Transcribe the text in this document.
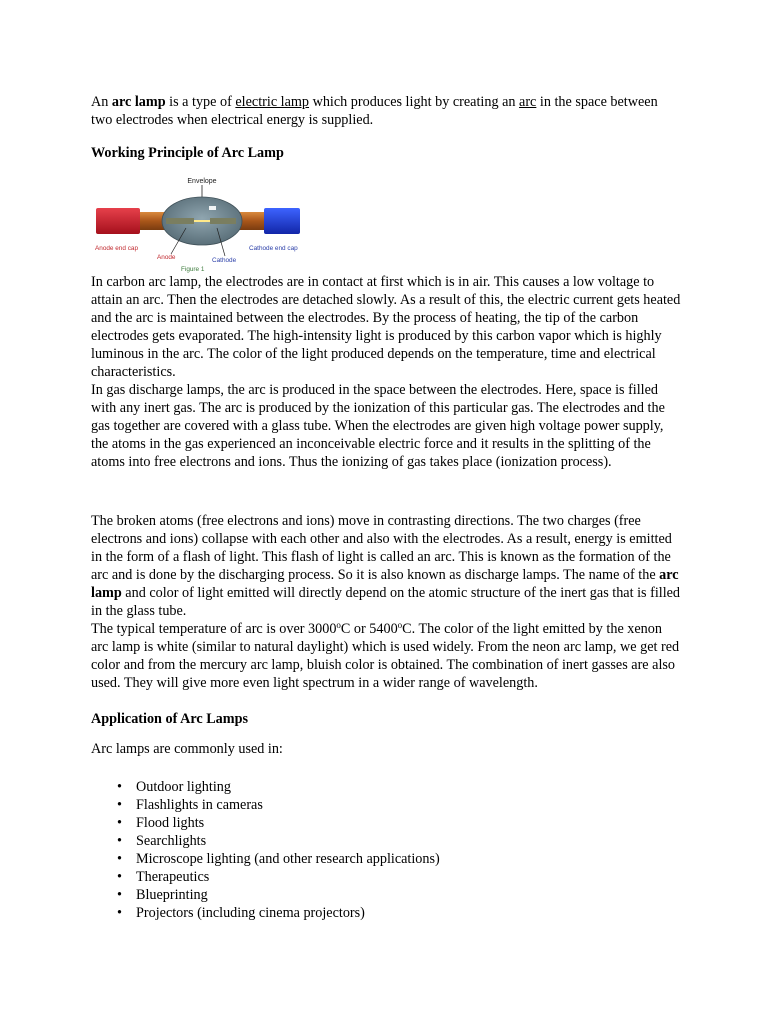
An arc lamp is a type of electric lamp which produces light by creating an arc in the space between two electrodes when electrical energy is supplied.

Working Principle of Arc Lamp

Envelope
Anode end cap	Cathode end cap
Anode	Cathode
Figure 1

In carbon arc lamp, the electrodes are in contact at first which is in air. This causes a low voltage to attain an arc. Then the electrodes are detached slowly. As a result of this, the electric current gets heated and the arc is maintained between the electrodes. By the process of heating, the tip of the carbon electrodes gets evaporated. The high-intensity light is produced by this carbon vapor which is highly luminous in the arc. The color of the light produced depends on the temperature, time and electrical characteristics.

In gas discharge lamps, the arc is produced in the space between the electrodes. Here, space is filled with any inert gas. The arc is produced by the ionization of this particular gas. The electrodes and the gas together are covered with a glass tube. When the electrodes are given high voltage power supply, the atoms in the gas experienced an inconceivable electric force and it results in the splitting of the atoms into free electrons and ions. Thus the ionizing of gas takes place (ionization process).

The broken atoms (free electrons and ions) move in contrasting directions. The two charges (free electrons and ions) collapse with each other and also with the electrodes. As a result, energy is emitted in the form of a flash of light. This flash of light is called an arc. This is known as the formation of the arc and is done by the discharging process. So it is also known as discharge lamps. The name of the arc lamp and color of light emitted will directly depend on the atomic structure of the inert gas that is filled in the glass tube.

The typical temperature of arc is over 3000$^o$C or 5400$^o$C. The color of the light emitted by the xenon arc lamp is white (similar to natural daylight) which is used widely. From the neon arc lamp, we get red color and from the mercury arc lamp, bluish color is obtained. The combination of inert gasses are also used. They will give more even light spectrum in a wider range of wavelength.

Application of Arc Lamps

Arc lamps are commonly used in:

• Outdoor lighting
• Flashlights in cameras
• Flood lights
• Searchlights
• Microscope lighting (and other research applications)
• Therapeutics
• Blueprinting
• Projectors (including cinema projectors)
